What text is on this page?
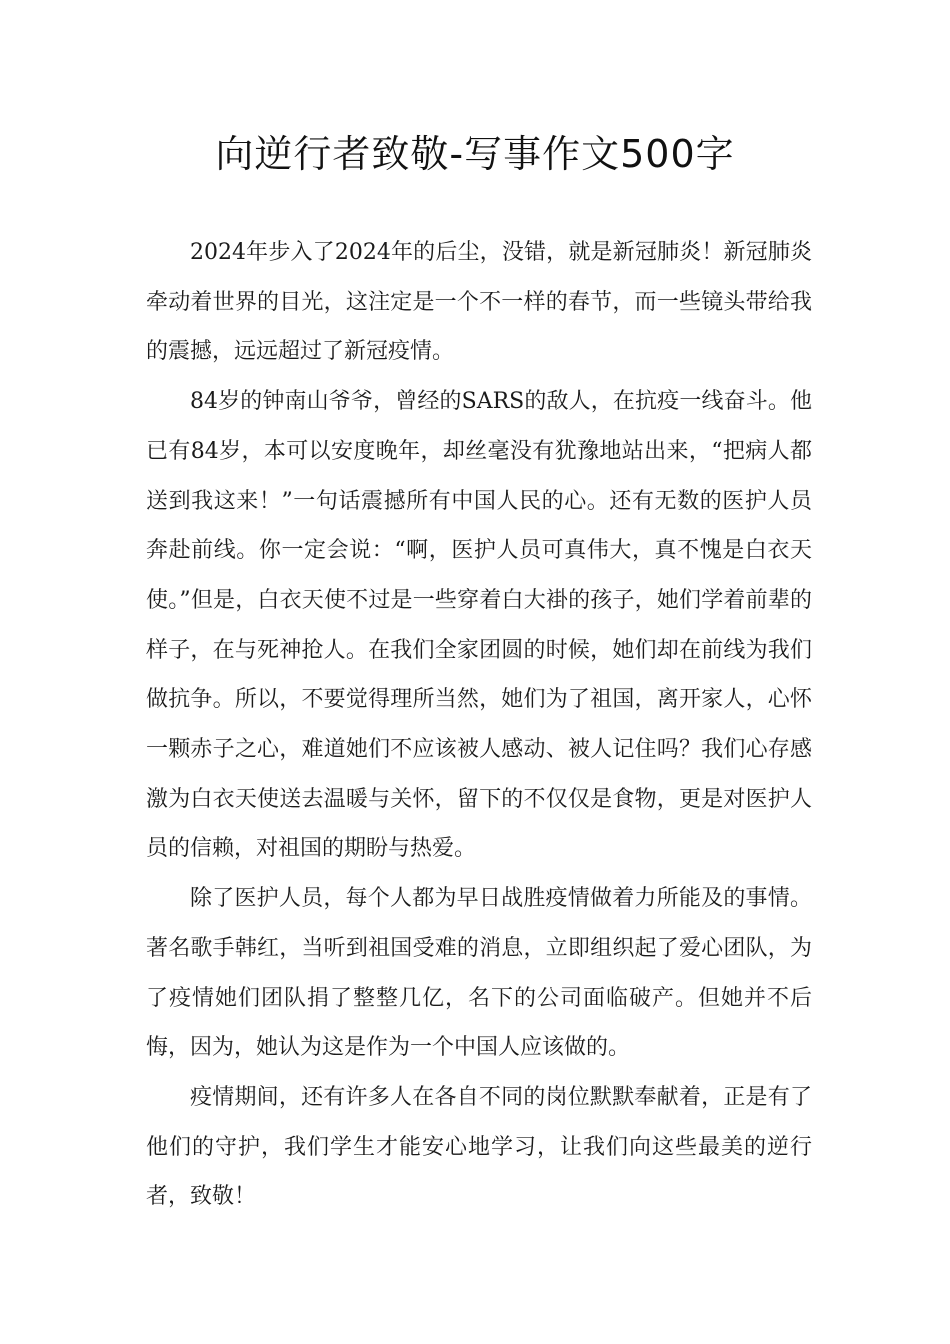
向逆行者致敬-写事作文500字

2024年步入了2024年的后尘，没错，就是新冠肺炎！新冠肺炎牵动着世界的目光，这注定是一个不一样的春节，而一些镜头带给我的震撼，远远超过了新冠疫情。

84岁的钟南山爷爷，曾经的SARS的敌人，在抗疫一线奋斗。他已有84岁，本可以安度晚年，却丝毫没有犹豫地站出来，“把病人都送到我这来！”一句话震撼所有中国人民的心。还有无数的医护人员奔赴前线。你一定会说：“啊，医护人员可真伟大，真不愧是白衣天使。”但是，白衣天使不过是一些穿着白大褂的孩子，她们学着前辈的样子，在与死神抢人。在我们全家团圆的时候，她们却在前线为我们做抗争。所以，不要觉得理所当然，她们为了祖国，离开家人，心怀一颗赤子之心，难道她们不应该被人感动、被人记住吗？我们心存感激为白衣天使送去温暖与关怀，留下的不仅仅是食物，更是对医护人员的信赖，对祖国的期盼与热爱。

除了医护人员，每个人都为早日战胜疫情做着力所能及的事情。著名歌手韩红，当听到祖国受难的消息，立即组织起了爱心团队，为了疫情她们团队捐了整整几亿，名下的公司面临破产。但她并不后悔，因为，她认为这是作为一个中国人应该做的。

疫情期间，还有许多人在各自不同的岗位默默奉献着，正是有了他们的守护，我们学生才能安心地学习，让我们向这些最美的逆行者，致敬！
